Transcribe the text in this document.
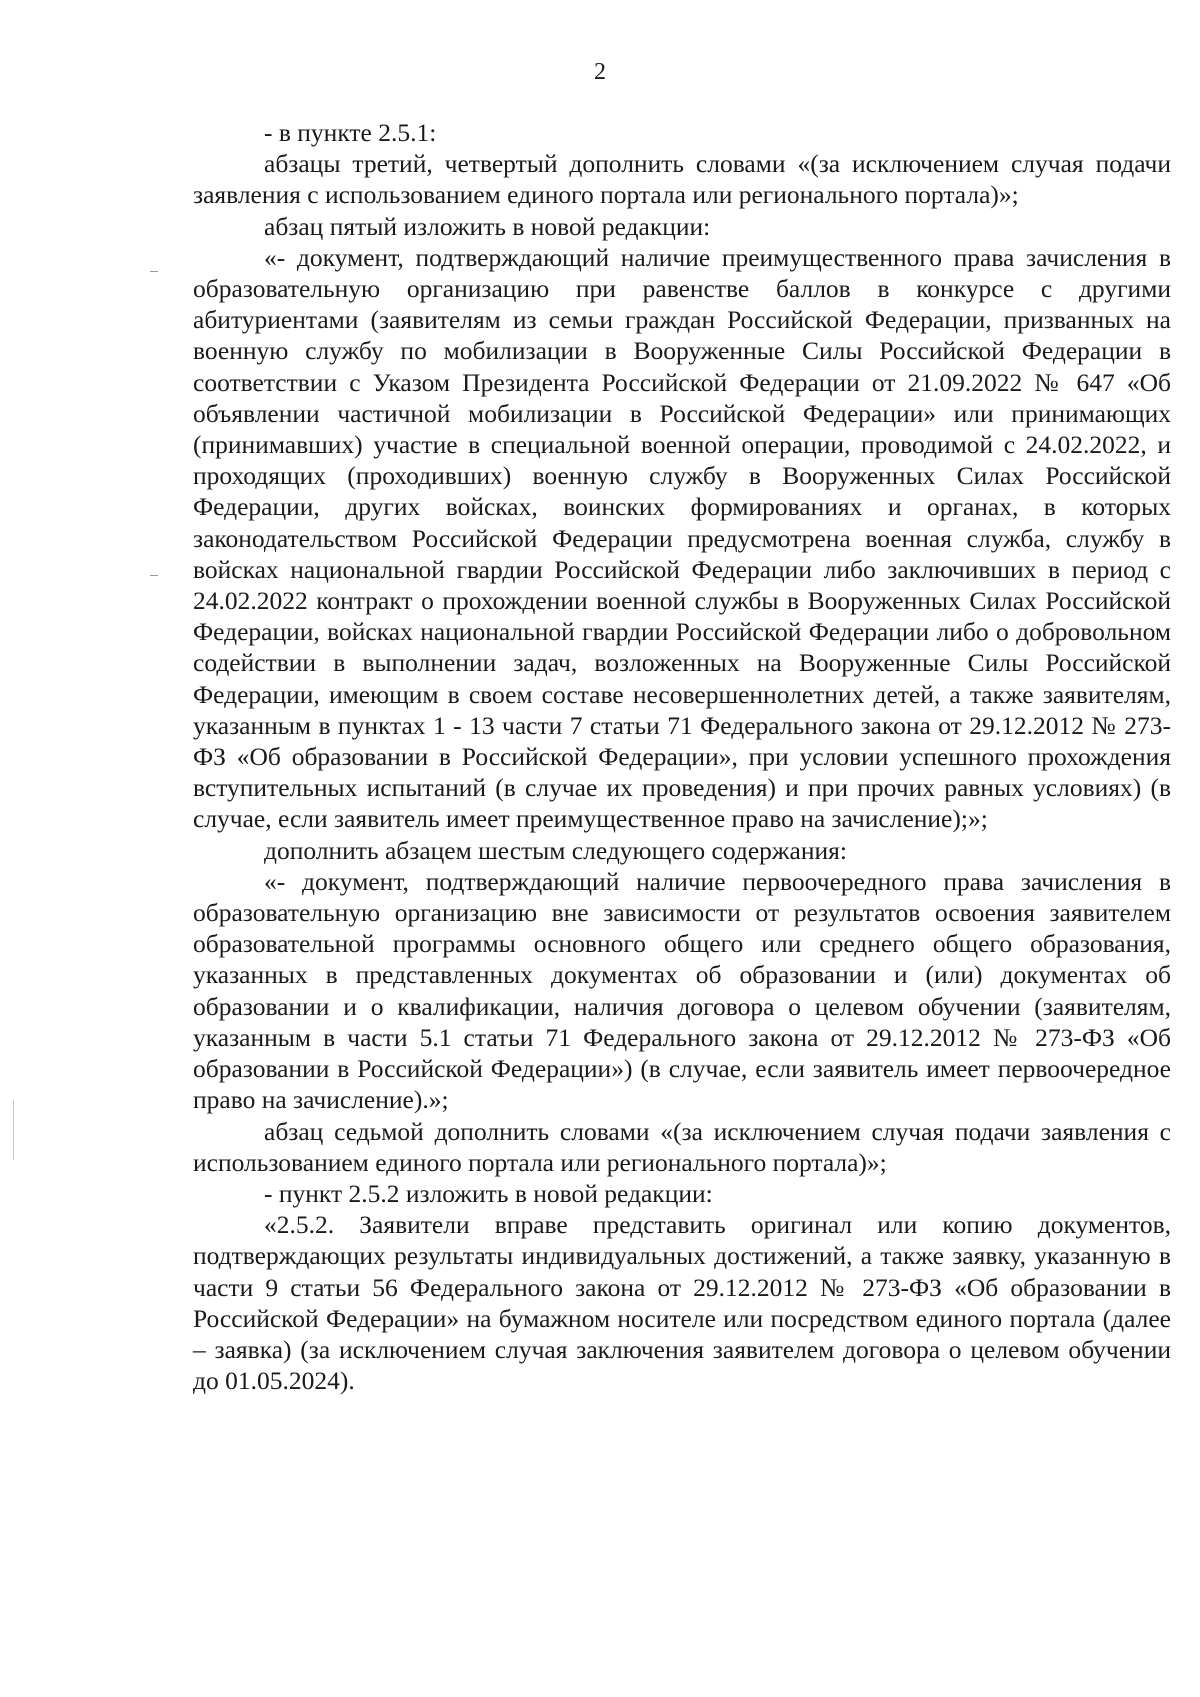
2

- в пункте 2.5.1:

абзацы третий, четвертый дополнить словами «(за исключением случая подачи заявления с использованием единого портала или регионального портала)»;

абзац пятый изложить в новой редакции:

«- документ, подтверждающий наличие преимущественного права зачисления в образовательную организацию при равенстве баллов в конкурсе с другими абитуриентами (заявителям из семьи граждан Российской Федерации, призванных на военную службу по мобилизации в Вооруженные Силы Российской Федерации в соответствии с Указом Президента Российской Федерации от 21.09.2022 № 647 «Об объявлении частичной мобилизации в Российской Федерации» или принимающих (принимавших) участие в специальной военной операции, проводимой с 24.02.2022, и проходящих (проходивших) военную службу в Вооруженных Силах Российской Федерации, других войсках, воинских формированиях и органах, в которых законодательством Российской Федерации предусмотрена военная служба, службу в войсках национальной гвардии Российской Федерации либо заключивших в период с 24.02.2022 контракт о прохождении военной службы в Вооруженных Силах Российской Федерации, войсках национальной гвардии Российской Федерации либо о добровольном содействии в выполнении задач, возложенных на Вооруженные Силы Российской Федерации, имеющим в своем составе несовершеннолетних детей, а также заявителям, указанным в пунктах 1 - 13 части 7 статьи 71 Федерального закона от 29.12.2012 № 273-ФЗ «Об образовании в Российской Федерации», при условии успешного прохождения вступительных испытаний (в случае их проведения) и при прочих равных условиях) (в случае, если заявитель имеет преимущественное право на зачисление);»;

дополнить абзацем шестым следующего содержания:

«- документ, подтверждающий наличие первоочередного права зачисления в образовательную организацию вне зависимости от результатов освоения заявителем образовательной программы основного общего или среднего общего образования, указанных в представленных документах об образовании и (или) документах об образовании и о квалификации, наличия договора о целевом обучении (заявителям, указанным в части 5.1 статьи 71 Федерального закона от 29.12.2012 № 273-ФЗ «Об образовании в Российской Федерации») (в случае, если заявитель имеет первоочередное право на зачисление).»;

абзац седьмой дополнить словами «(за исключением случая подачи заявления с использованием единого портала или регионального портала)»;

- пункт 2.5.2 изложить в новой редакции:

«2.5.2. Заявители вправе представить оригинал или копию документов, подтверждающих результаты индивидуальных достижений, а также заявку, указанную в части 9 статьи 56 Федерального закона от 29.12.2012 № 273-ФЗ «Об образовании в Российской Федерации» на бумажном носителе или посредством единого портала (далее – заявка) (за исключением случая заключения заявителем договора о целевом обучении до 01.05.2024).
